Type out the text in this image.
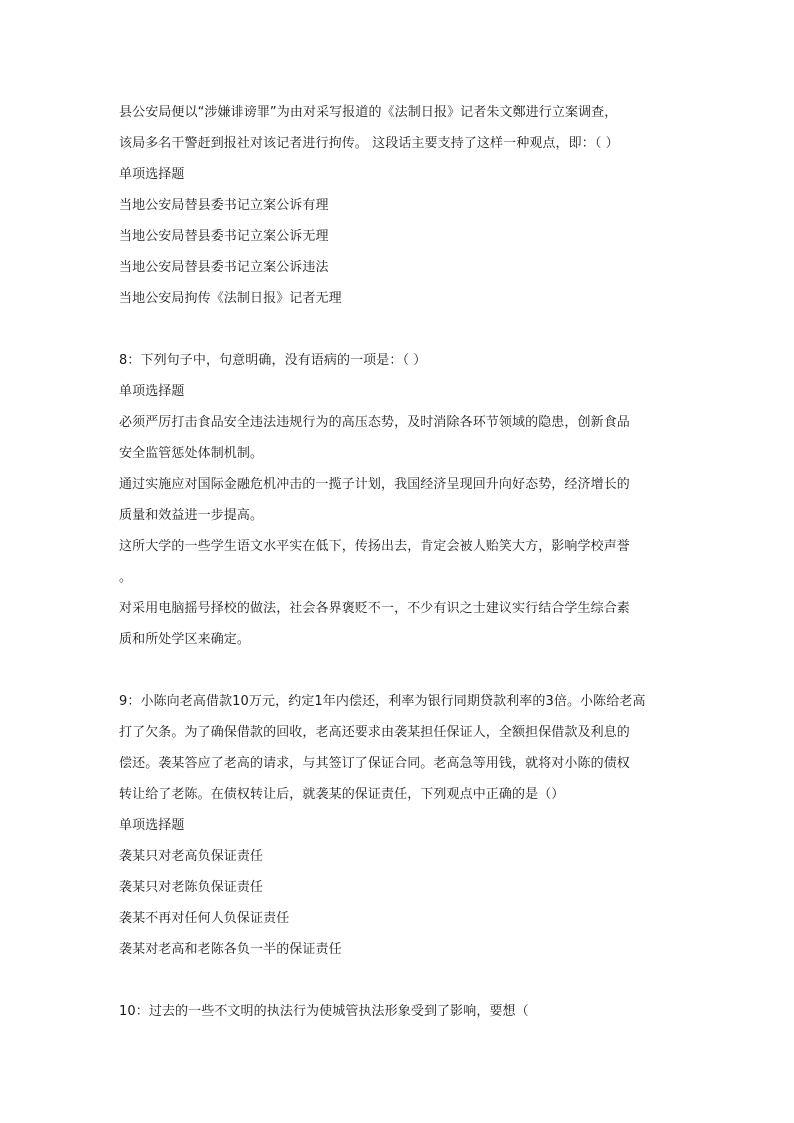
县公安局便以“涉嫌诽谤罪”为由对采写报道的《法制日报》记者朱文鄭进行立案调查，
该局多名干警赶到报社对该记者进行拘传。 这段话主要支持了这样一种观点，即：（ ）
单项选择题
当地公安局替县委书记立案公诉有理
当地公安局替县委书记立案公诉无理
当地公安局替县委书记立案公诉违法
当地公安局拘传《法制日报》记者无理
8：下列句子中，句意明确，没有语病的一项是：（ ）
单项选择题
必须严厉打击食品安全违法违规行为的高压态势，及时消除各环节领域的隐患，创新食品
安全监管惩处体制机制。
通过实施应对国际金融危机冲击的一揽子计划，我国经济呈现回升向好态势，经济增长的
质量和效益进一步提高。
这所大学的一些学生语文水平实在低下，传扬出去，肯定会被人贻笑大方，影响学校声誉
。
对采用电脑摇号择校的做法，社会各界褒贬不一，不少有识之士建议实行结合学生综合素
质和所处学区来确定。
9：小陈向老高借款10万元，约定1年内偿还，利率为银行同期贷款利率的3倍。小陈给老高
打了欠条。为了确保借款的回收，老高还要求由袭某担任保证人，全额担保借款及利息的
偿还。袭某答应了老高的请求，与其签订了保证合同。老高急等用钱，就将对小陈的债权
转让给了老陈。在债权转让后，就袭某的保证责任，下列观点中正确的是（）
单项选择题
袭某只对老高负保证责任
袭某只对老陈负保证责任
袭某不再对任何人负保证责任
袭某对老高和老陈各负一半的保证责任
10：过去的一些不文明的执法行为使城管执法形象受到了影响，要想（
